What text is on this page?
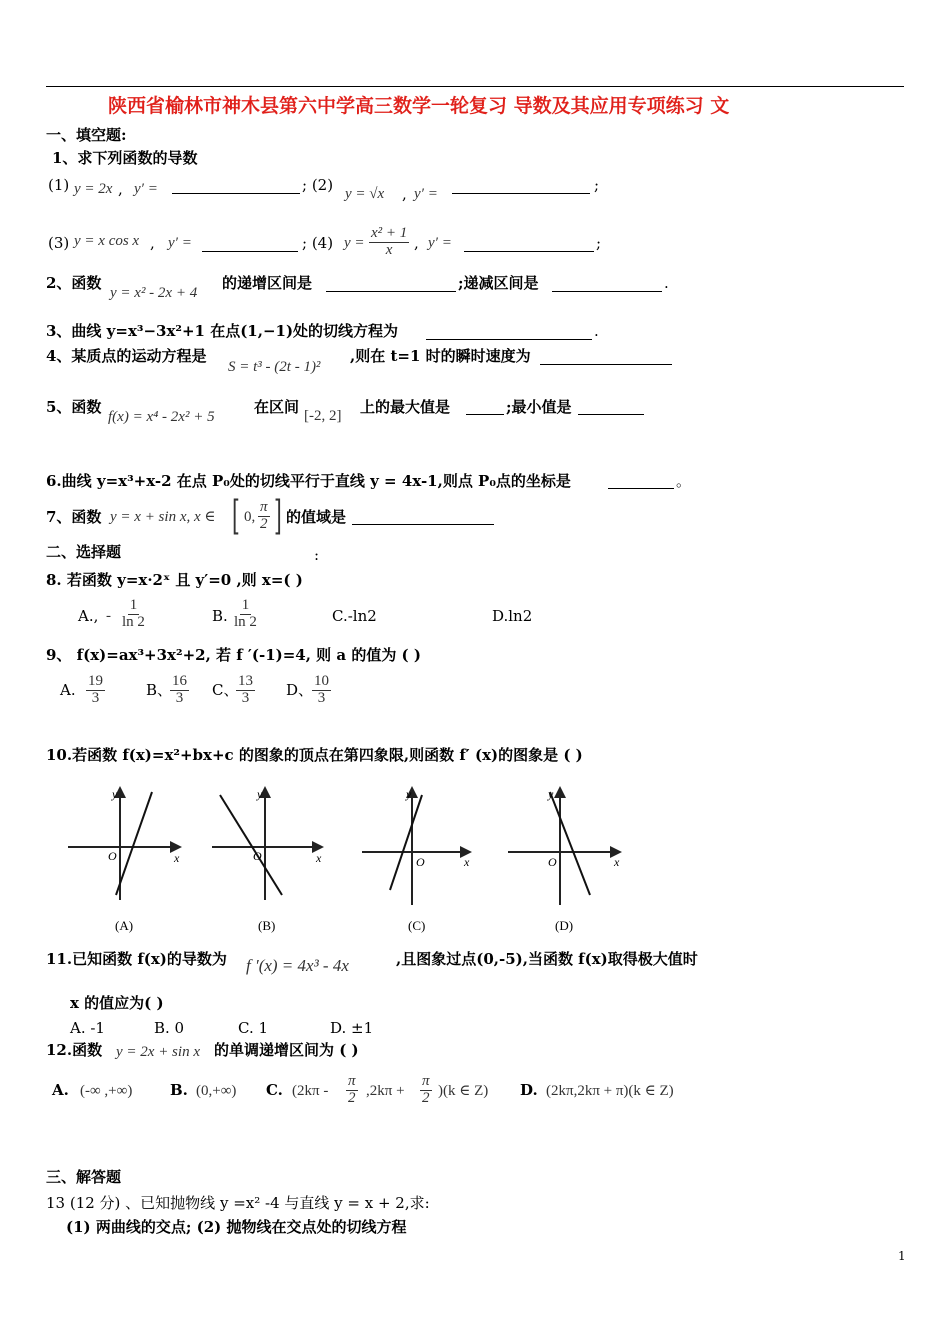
陕西省榆林市神木县第六中学高三数学一轮复习 导数及其应用专项练习 文
一、填空题:
1、求下列函数的导数
(1) y = 2x , y′ =	; (2) y = √x , y′ =	;
(3) y = x cos x , y′ =	; (4) $y = \frac{\text{x² + 1}}{x}$ , y′ =	;
2、函数
y = x² - 2x + 4
的递增区间是	;递减区间是	.
3、曲线 y=x³−3x²+1 在点(1,−1)处的切线方程为	.
4、某质点的运动方程是
S = t³ - (2t - 1)²
,则在 t=1 时的瞬时速度为
5、函数
f(x) = x⁴ - 2x² + 5
在区间 [-2, 2] 上的最大值是	;最小值是
6.曲线 y=x³+x-2 在点 P₀处的切线平行于直线 y = 4x-1,则点 P₀点的坐标是	。
7、函数 y = x + sin x, x ∈ [ 0, $\frac{\pi}{2}$ ] 的值域是
二、选择题	:
8. 若函数 y=x·2ˣ 且 y′=0 ,则 x=( )
A., - $\frac{1}{\ln 2}$	B. $\frac{1}{\ln 2}$	C.-ln2	D.ln2
9、 f(x)=ax³+3x²+2, 若 f ′(-1)=4, 则 a 的值为 ( )
A. $\frac{19}{3}$	B、
$\frac{16}{3}$ C、
$\frac{13}{3}$ D、
$\frac{10}{3}$
10.若函数 f(x)=x²+bx+c 的图象的顶点在第四象限,则函数 f′ (x)的图象是 ( )
y
x
O
(A)
y
x
O
(B)
y
x
O
(C)
y
x
O
(D)
11.已知函数 f(x)的导数为 f ′(x) = 4x³ - 4x	,且图象过点(0,-5),当函数 f(x)取得极大值时
x 的值应为( )
A. -1	B. 0	C. 1	D. ±1
12.函数 y = 2x + sin x 的单调递增区间为 ( )
A. (-∞ ,+∞)	B. (0,+∞) C. $(2k\pi - \frac{\pi}{2} ,2k\pi + \frac{\pi}{2} )(k$ ∈ Z) D. (2kπ,2kπ + π)(k ∈ Z)
三、解答题
13 (12 分) 、已知抛物线 y =x² -4 与直线 y = x + 2,求:
(1) 两曲线的交点; (2) 抛物线在交点处的切线方程
1
